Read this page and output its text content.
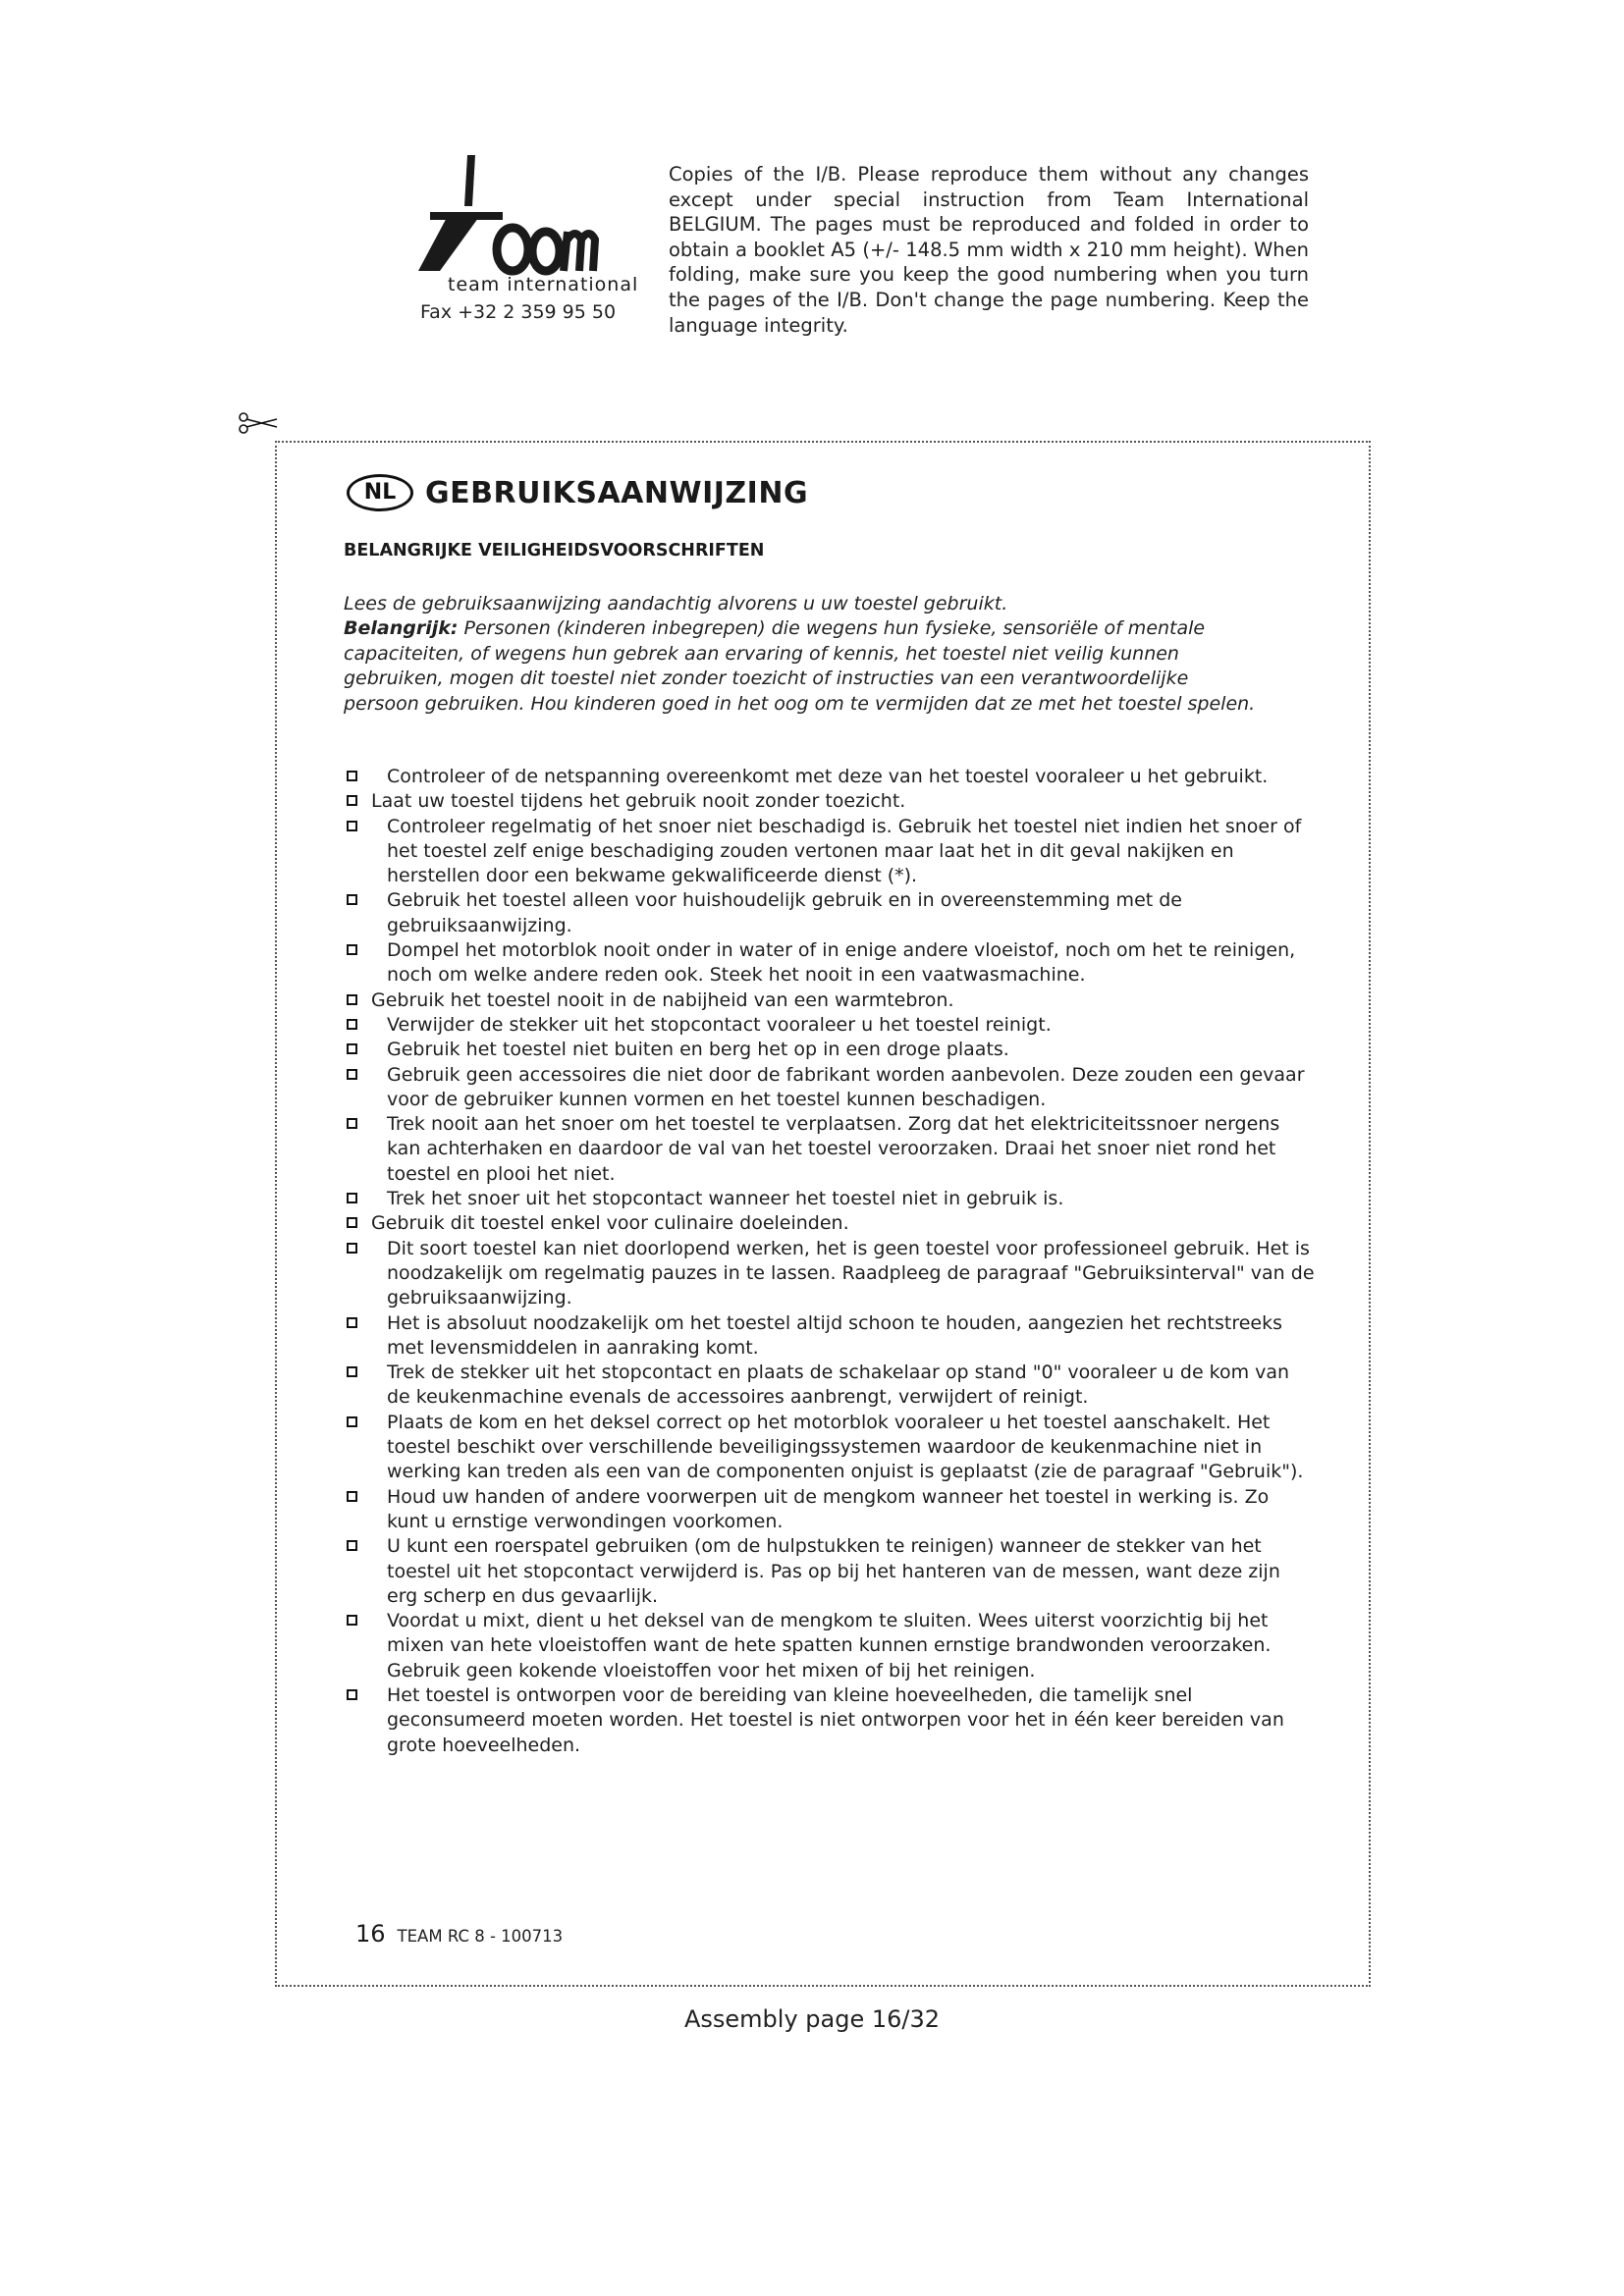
team international
Fax +32 2 359 95 50
Copies of the I/B. Please reproduce them without any changes except under special instruction from Team International BELGIUM. The pages must be reproduced and folded in order to obtain a booklet A5 (+/- 148.5 mm width x 210 mm height). When folding, make sure you keep the good numbering when you turn the pages of the I/B. Don't change the page numbering. Keep the language integrity.
NL GEBRUIKSAANWIJZING
BELANGRIJKE VEILIGHEIDSVOORSCHRIFTEN
Lees de gebruiksaanwijzing aandachtig alvorens u uw toestel gebruikt.
Belangrijk: Personen (kinderen inbegrepen) die wegens hun fysieke, sensoriële of mentale capaciteiten, of wegens hun gebrek aan ervaring of kennis, het toestel niet veilig kunnen gebruiken, mogen dit toestel niet zonder toezicht of instructies van een verantwoordelijke persoon gebruiken. Hou kinderen goed in het oog om te vermijden dat ze met het toestel spelen.
Controleer of de netspanning overeenkomt met deze van het toestel vooraleer u het gebruikt.
Laat uw toestel tijdens het gebruik nooit zonder toezicht.
Controleer regelmatig of het snoer niet beschadigd is. Gebruik het toestel niet indien het snoer of het toestel zelf enige beschadiging zouden vertonen maar laat het in dit geval nakijken en herstellen door een bekwame gekwalificeerde dienst (*).
Gebruik het toestel alleen voor huishoudelijk gebruik en in overeenstemming met de gebruiksaanwijzing.
Dompel het motorblok nooit onder in water of in enige andere vloeistof, noch om het te reinigen, noch om welke andere reden ook. Steek het nooit in een vaatwasmachine.
Gebruik het toestel nooit in de nabijheid van een warmtebron.
Verwijder de stekker uit het stopcontact vooraleer u het toestel reinigt.
Gebruik het toestel niet buiten en berg het op in een droge plaats.
Gebruik geen accessoires die niet door de fabrikant worden aanbevolen. Deze zouden een gevaar voor de gebruiker kunnen vormen en het toestel kunnen beschadigen.
Trek nooit aan het snoer om het toestel te verplaatsen. Zorg dat het elektriciteitssnoer nergens kan achterhaken en daardoor de val van het toestel veroorzaken. Draai het snoer niet rond het toestel en plooi het niet.
Trek het snoer uit het stopcontact wanneer het toestel niet in gebruik is.
Gebruik dit toestel enkel voor culinaire doeleinden.
Dit soort toestel kan niet doorlopend werken, het is geen toestel voor professioneel gebruik. Het is noodzakelijk om regelmatig pauzes in te lassen. Raadpleeg de paragraaf "Gebruiksinterval" van de gebruiksaanwijzing.
Het is absoluut noodzakelijk om het toestel altijd schoon te houden, aangezien het rechtstreeks met levensmiddelen in aanraking komt.
Trek de stekker uit het stopcontact en plaats de schakelaar op stand "0" vooraleer u de kom van de keukenmachine evenals de accessoires aanbrengt, verwijdert of reinigt.
Plaats de kom en het deksel correct op het motorblok vooraleer u het toestel aanschakelt. Het toestel beschikt over verschillende beveiligingssystemen waardoor de keukenmachine niet in werking kan treden als een van de componenten onjuist is geplaatst (zie de paragraaf "Gebruik").
Houd uw handen of andere voorwerpen uit de mengkom wanneer het toestel in werking is. Zo kunt u ernstige verwondingen voorkomen.
U kunt een roerspatel gebruiken (om de hulpstukken te reinigen) wanneer de stekker van het toestel uit het stopcontact verwijderd is. Pas op bij het hanteren van de messen, want deze zijn erg scherp en dus gevaarlijk.
Voordat u mixt, dient u het deksel van de mengkom te sluiten. Wees uiterst voorzichtig bij het mixen van hete vloeistoffen want de hete spatten kunnen ernstige brandwonden veroorzaken. Gebruik geen kokende vloeistoffen voor het mixen of bij het reinigen.
Het toestel is ontworpen voor de bereiding van kleine hoeveelheden, die tamelijk snel geconsumeerd moeten worden. Het toestel is niet ontworpen voor het in één keer bereiden van grote hoeveelheden.
16 TEAM RC 8 - 100713
Assembly page 16/32
